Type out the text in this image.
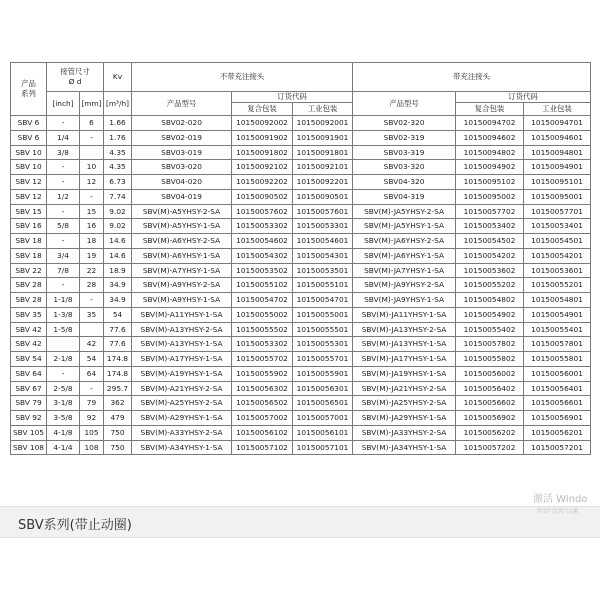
产品
系列	接管尺寸
Ø d		Kv	不带充注接头			带充注接头		
	[inch]	[mm]	[m³/h]	产品型号	订货代码		产品型号	订货代码	
					复合包装	工业包装		复合包装	工业包装
SBV 6	-	6	1.66	SBV02-020	10150092002	10150092001	SBV02-320	10150094702	10150094701
SBV 6	1/4	-	1.76	SBV02-019	10150091902	10150091901	SBV02-319	10150094602	10150094601
SBV 10	3/8		4.35	SBV03-019	10150091802	10150091801	SBV03-319	10150094802	10150094801
SBV 10	-	10	4.35	SBV03-020	10150092102	10150092101	SBV03-320	10150094902	10150094901
SBV 12	-	12	6.73	SBV04-020	10150092202	10150092201	SBV04-320	10150095102	10150095101
SBV 12	1/2	-	7.74	SBV04-019	10150090502	10150090501	SBV04-319	10150095002	10150095001
SBV 15	-	15	9.02	SBV(M)-A5YHSY-2-SA	10150057602	10150057601	SBV(M)-JA5YHSY-2-SA	10150057702	10150057701
SBV 16	5/8	16	9.02	SBV(M)-A5YHSY-1-SA	10150053302	10150053301	SBV(M)-JA5YHSY-1-SA	10150053402	10150053401
SBV 18	-	18	14.6	SBV(M)-A6YHSY-2-SA	10150054602	10150054601	SBV(M)-JA6YHSY-2-SA	10150054502	10150054501
SBV 18	3/4	19	14.6	SBV(M)-A6YHSY-1-SA	10150054302	10150054301	SBV(M)-JA6YHSY-1-SA	10150054202	10150054201
SBV 22	7/8	22	18.9	SBV(M)-A7YHSY-1-SA	10150053502	10150053501	SBV(M)-JA7YHSY-1-SA	10150053602	10150053601
SBV 28	-	28	34.9	SBV(M)-A9YHSY-2-SA	10150055102	10150055101	SBV(M)-JA9YHSY-2-SA	10150055202	10150055201
SBV 28	1-1/8	-	34.9	SBV(M)-A9YHSY-1-SA	10150054702	10150054701	SBV(M)-JA9YHSY-1-SA	10150054802	10150054801
SBV 35	1-3/8	35	54	SBV(M)-A11YHSY-1-SA	10150055002	10150055001	SBV(M)-JA11YHSY-1-SA	10150054902	10150054901
SBV 42	1-5/8		77.6	SBV(M)-A13YHSY-2-SA	10150055502	10150055501	SBV(M)-JA13YHSY-2-SA	10150055402	10150055401
SBV 42		42	77.6	SBV(M)-A13YHSY-1-SA	10150053302	10150055301	SBV(M)-JA13YHSY-1-SA	10150057802	10150057801
SBV 54	2-1/8	54	174.8	SBV(M)-A17YHSY-1-SA	10150055702	10150055701	SBV(M)-JA17YHSY-1-SA	10150055802	10150055801
SBV 64	-	64	174.8	SBV(M)-A19YHSY-1-SA	10150055902	10150055901	SBV(M)-JA19YHSY-1-SA	10150056002	10150056001
SBV 67	2-5/8	-	295.7	SBV(M)-A21YHSY-2-SA	10150056302	10150056301	SBV(M)-JA21YHSY-2-SA	10150056402	10150056401
SBV 79	3-1/8	79	362	SBV(M)-A25YHSY-2-SA	10150056502	10150056501	SBV(M)-JA25YHSY-2-SA	10150056602	10150056601
SBV 92	3-5/8	92	479	SBV(M)-A29YHSY-1-SA	10150057002	10150057001	SBV(M)-JA29YHSY-1-SA	10150056902	10150056901
SBV 105	4-1/8	105	750	SBV(M)-A33YHSY-2-SA	10150056102	10150056101	SBV(M)-JA33YHSY-2-SA	10150056202	10150056201
SBV 108	4-1/4	108	750	SBV(M)-A34YHSY-1-SA	10150057102	10150057101	SBV(M)-JA34YHSY-1-SA	10150057202	10150057201
SBV系列(带止动圈)
激活 Windo
转到"设置"以激
